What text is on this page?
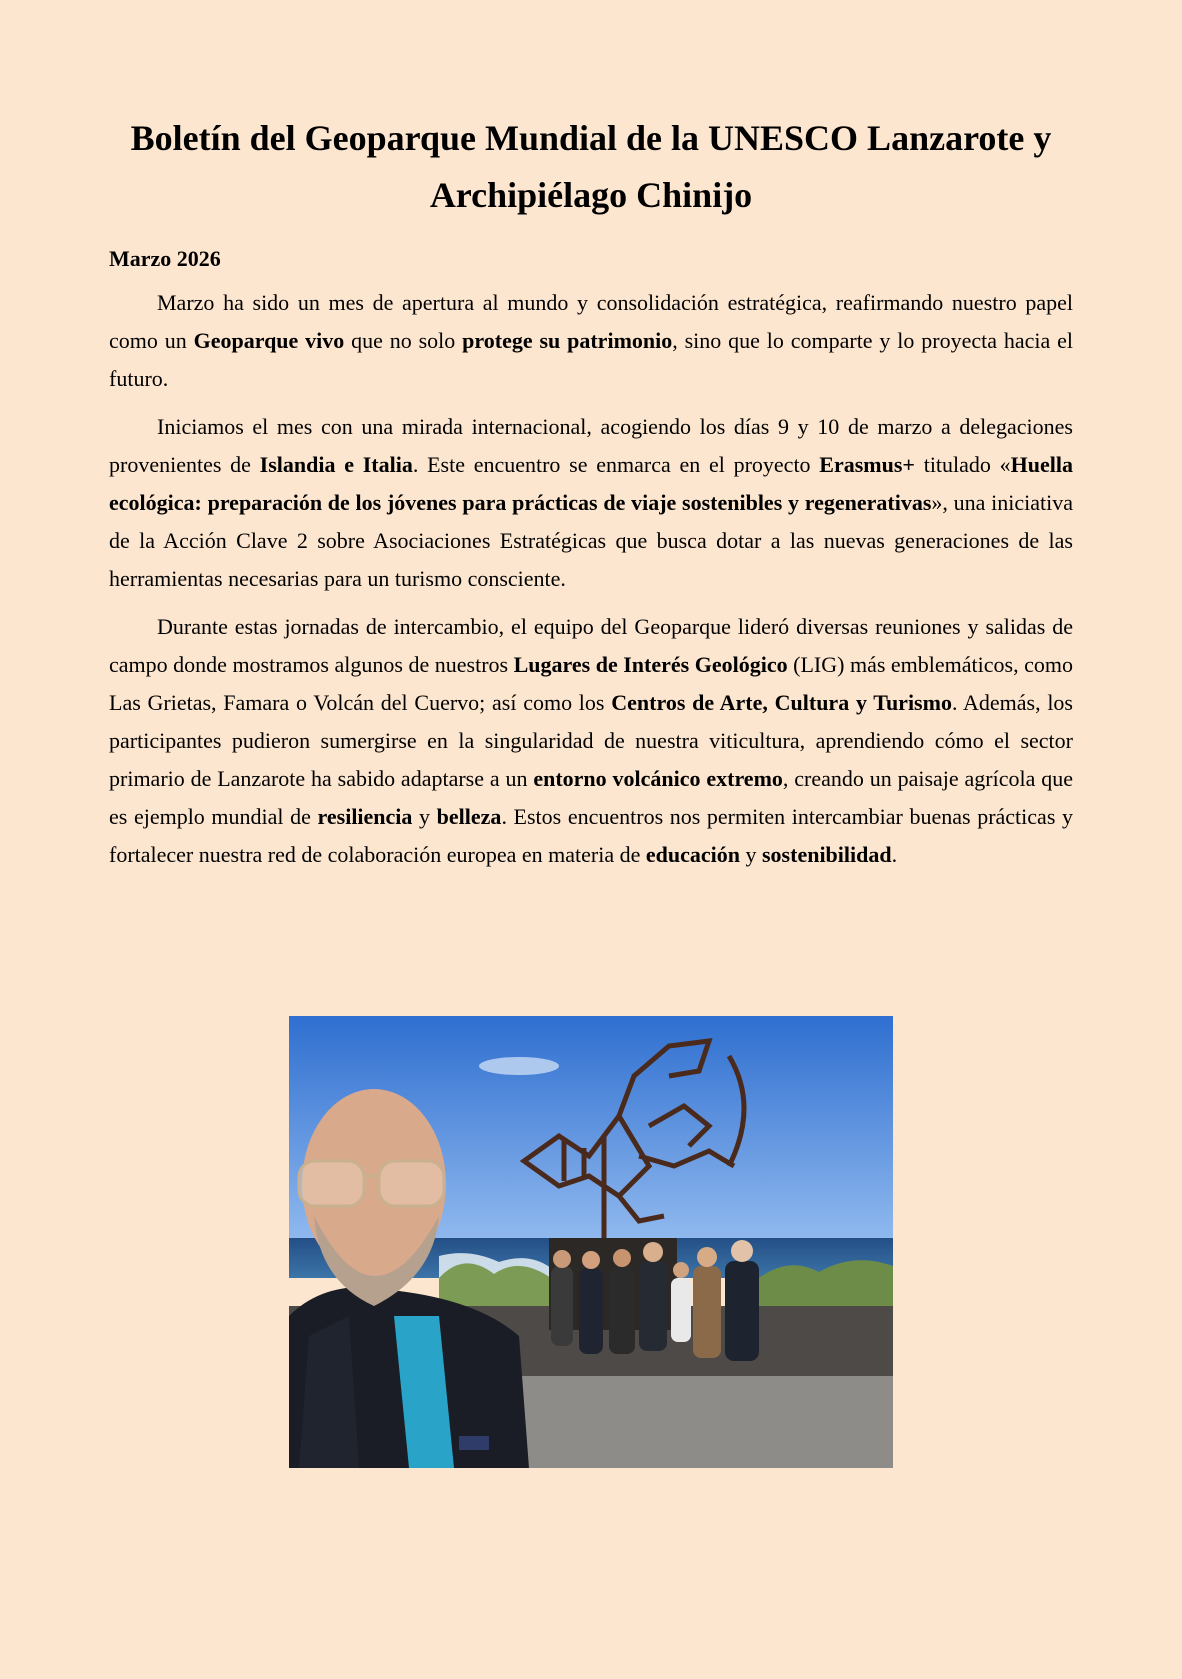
Boletín del Geoparque Mundial de la UNESCO Lanzarote y Archipiélago Chinijo
Marzo 2026

Marzo ha sido un mes de apertura al mundo y consolidación estratégica, reafirmando nuestro papel como un Geoparque vivo que no solo protege su patrimonio, sino que lo comparte y lo proyecta hacia el futuro.

Iniciamos el mes con una mirada internacional, acogiendo los días 9 y 10 de marzo a delegaciones provenientes de Islandia e Italia. Este encuentro se enmarca en el proyecto Erasmus+ titulado «Huella ecológica: preparación de los jóvenes para prácticas de viaje sostenibles y regenerativas», una iniciativa de la Acción Clave 2 sobre Asociaciones Estratégicas que busca dotar a las nuevas generaciones de las herramientas necesarias para un turismo consciente.

Durante estas jornadas de intercambio, el equipo del Geoparque lideró diversas reuniones y salidas de campo donde mostramos algunos de nuestros Lugares de Interés Geológico (LIG) más emblemáticos, como Las Grietas, Famara o Volcán del Cuervo; así como los Centros de Arte, Cultura y Turismo. Además, los participantes pudieron sumergirse en la singularidad de nuestra viticultura, aprendiendo cómo el sector primario de Lanzarote ha sabido adaptarse a un entorno volcánico extremo, creando un paisaje agrícola que es ejemplo mundial de resiliencia y belleza. Estos encuentros nos permiten intercambiar buenas prácticas y fortalecer nuestra red de colaboración europea en materia de educación y sostenibilidad.
